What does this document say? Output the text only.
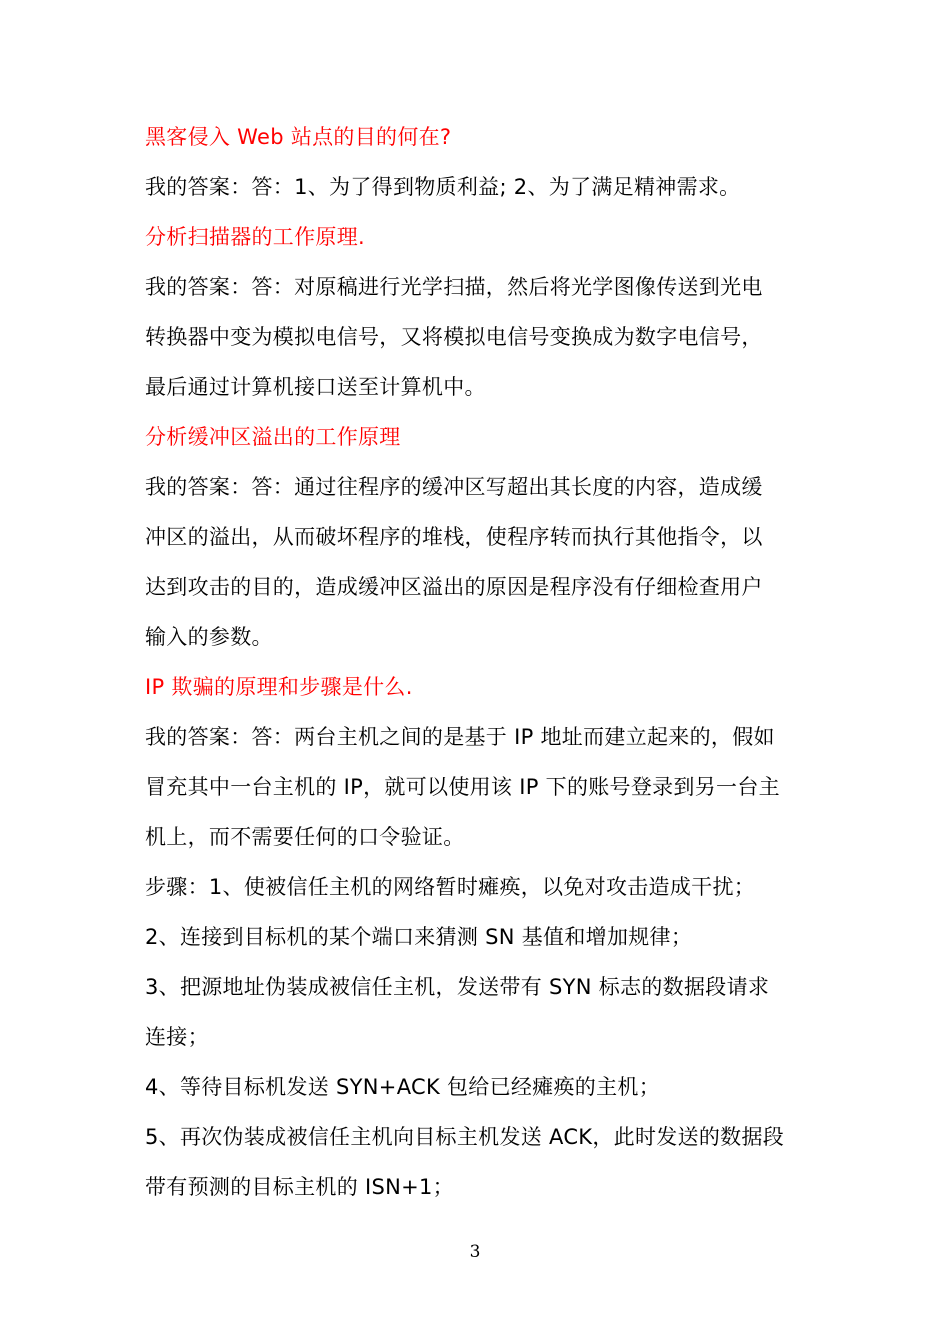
黑客侵入 Web 站点的目的何在?
我的答案：答：1、为了得到物质利益; 2、为了满足精神需求。
分析扫描器的工作原理.
我的答案：答：对原稿进行光学扫描，然后将光学图像传送到光电
转换器中变为模拟电信号，又将模拟电信号变换成为数字电信号，
最后通过计算机接口送至计算机中。
分析缓冲区溢出的工作原理
我的答案：答：通过往程序的缓冲区写超出其长度的内容，造成缓
冲区的溢出，从而破坏程序的堆栈，使程序转而执行其他指令，以
达到攻击的目的，造成缓冲区溢出的原因是程序没有仔细检查用户
输入的参数。
IP 欺骗的原理和步骤是什么.
我的答案：答：两台主机之间的是基于 IP 地址而建立起来的，假如
冒充其中一台主机的 IP，就可以使用该 IP 下的账号登录到另一台主
机上，而不需要任何的口令验证。
步骤：1、使被信任主机的网络暂时瘫痪，以免对攻击造成干扰；
2、连接到目标机的某个端口来猜测 SN 基值和增加规律；
3、把源地址伪装成被信任主机，发送带有 SYN 标志的数据段请求
连接；
4、等待目标机发送 SYN+ACK 包给已经瘫痪的主机；
5、再次伪装成被信任主机向目标主机发送 ACK，此时发送的数据段
带有预测的目标主机的 ISN+1；
3
